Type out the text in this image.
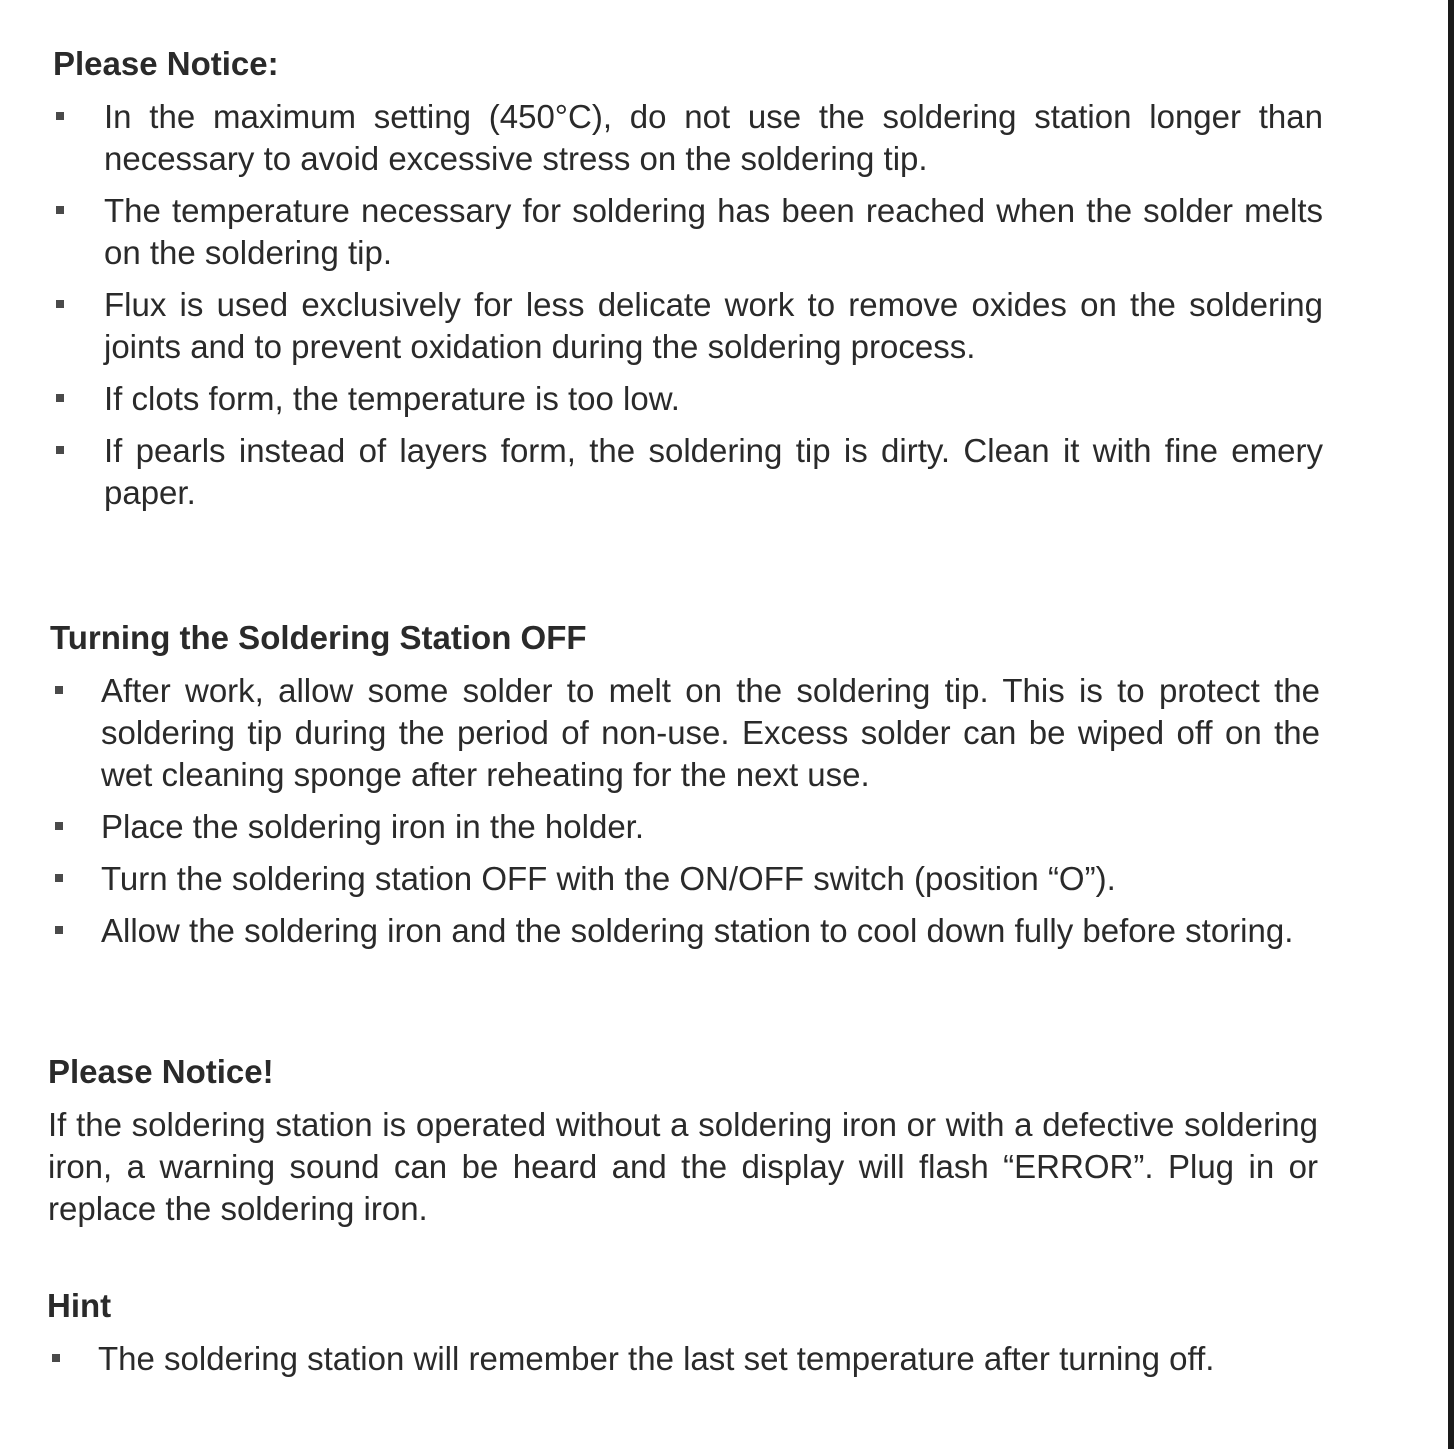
Please Notice:
In the maximum setting (450°C), do not use the soldering station longer than necessary to avoid excessive stress on the soldering tip.
The temperature necessary for soldering has been reached when the solder melts on the soldering tip.
Flux is used exclusively for less delicate work to remove oxides on the soldering joints and to prevent oxidation during the soldering process.
If clots form, the temperature is too low.
If pearls instead of layers form, the soldering tip is dirty. Clean it with fine emery paper.
Turning the Soldering Station OFF
After work, allow some solder to melt on the soldering tip. This is to protect the soldering tip during the period of non-use. Excess solder can be wiped off on the wet cleaning sponge after reheating for the next use.
Place the soldering iron in the holder.
Turn the soldering station OFF with the ON/OFF switch (position “O”).
Allow the soldering iron and the soldering station to cool down fully before storing.
Please Notice!

If the soldering station is operated without a soldering iron or with a defective soldering iron, a warning sound can be heard and the display will flash “ERROR”. Plug in or replace the soldering iron.

Hint
The soldering station will remember the last set temperature after turning off.
